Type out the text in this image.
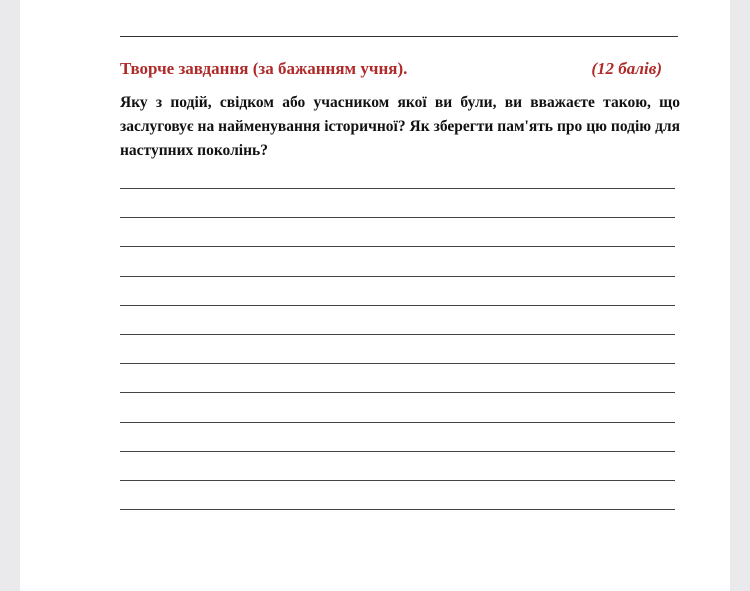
Творче завдання (за бажанням учня).	(12 балів)
Яку з подій, свідком або учасником якої ви були, ви вважаєте такою, що заслуговує на найменування історичної? Як зберегти пам'ять про цю подію для наступних поколінь?
